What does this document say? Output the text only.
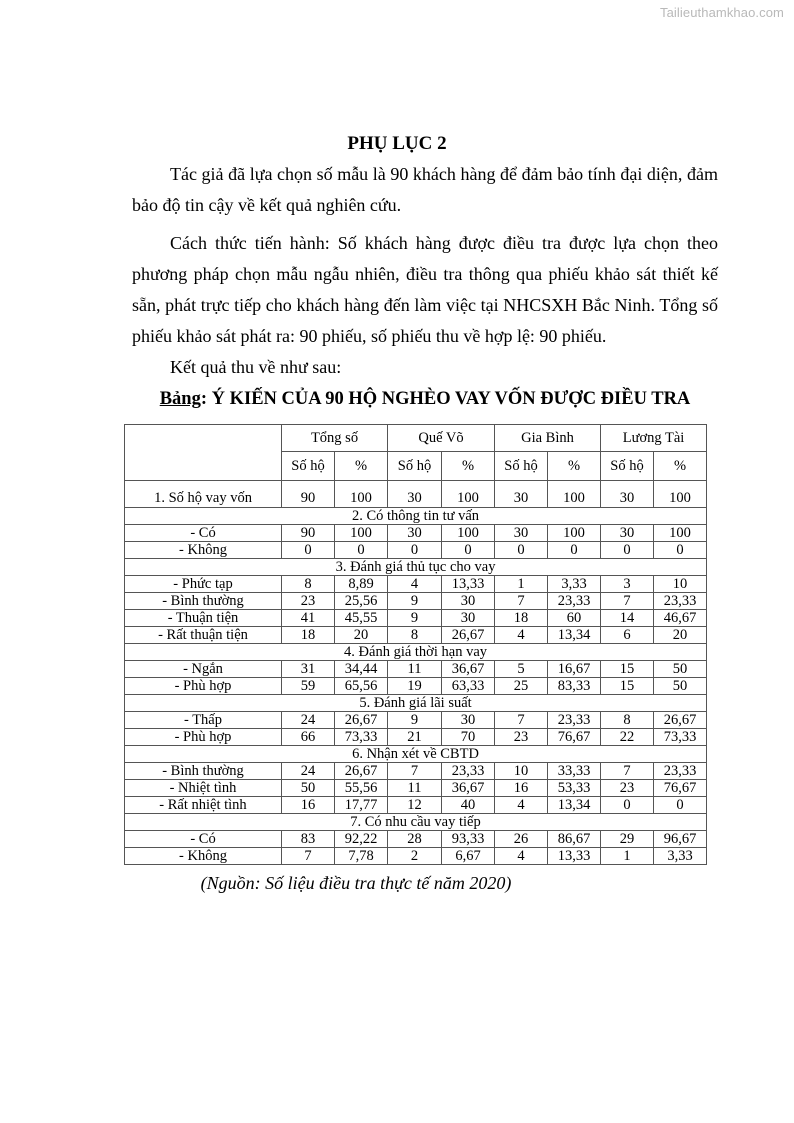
Tailieuthamkhao.com
PHỤ LỤC 2
Tác giả đã lựa chọn số mẫu là 90 khách hàng để đảm bảo tính đại diện, đảm bảo độ tin cậy về kết quả nghiên cứu.
Cách thức tiến hành: Số khách hàng được điều tra được lựa chọn theo phương pháp chọn mẫu ngẫu nhiên, điều tra thông qua phiếu khảo sát thiết kế sẵn, phát trực tiếp cho khách hàng đến làm việc tại NHCSXH Bắc Ninh. Tổng số phiếu khảo sát phát ra: 90 phiếu, số phiếu thu về hợp lệ: 90 phiếu.
Kết quả thu về như sau:
Bảng: Ý KIẾN CỦA 90 HỘ NGHÈO VAY VỐN ĐƯỢC ĐIỀU TRA
	Tổng số		Quế Võ		Gia Bình		Lương Tài	
	Số hộ	%	Số hộ	%	Số hộ	%	Số hộ	%
1. Số hộ vay vốn	90	100	30	100	30	100	30	100
2. Có thông tin tư vấn								
- Có	90	100	30	100	30	100	30	100
- Không	0	0	0	0	0	0	0	0
3. Đánh giá thủ tục cho vay								
- Phức tạp	8	8,89	4	13,33	1	3,33	3	10
- Bình thường	23	25,56	9	30	7	23,33	7	23,33
- Thuận tiện	41	45,55	9	30	18	60	14	46,67
- Rất thuận tiện	18	20	8	26,67	4	13,34	6	20
4. Đánh giá thời hạn vay								
- Ngắn	31	34,44	11	36,67	5	16,67	15	50
- Phù hợp	59	65,56	19	63,33	25	83,33	15	50
5. Đánh giá lãi suất								
- Thấp	24	26,67	9	30	7	23,33	8	26,67
- Phù hợp	66	73,33	21	70	23	76,67	22	73,33
6. Nhận xét về CBTD								
- Bình thường	24	26,67	7	23,33	10	33,33	7	23,33
- Nhiệt tình	50	55,56	11	36,67	16	53,33	23	76,67
- Rất nhiệt tình	16	17,77	12	40	4	13,34	0	0
7. Có nhu cầu vay tiếp								
- Có	83	92,22	28	93,33	26	86,67	29	96,67
- Không	7	7,78	2	6,67	4	13,33	1	3,33
(Nguồn: Số liệu điều tra thực tế năm 2020)
